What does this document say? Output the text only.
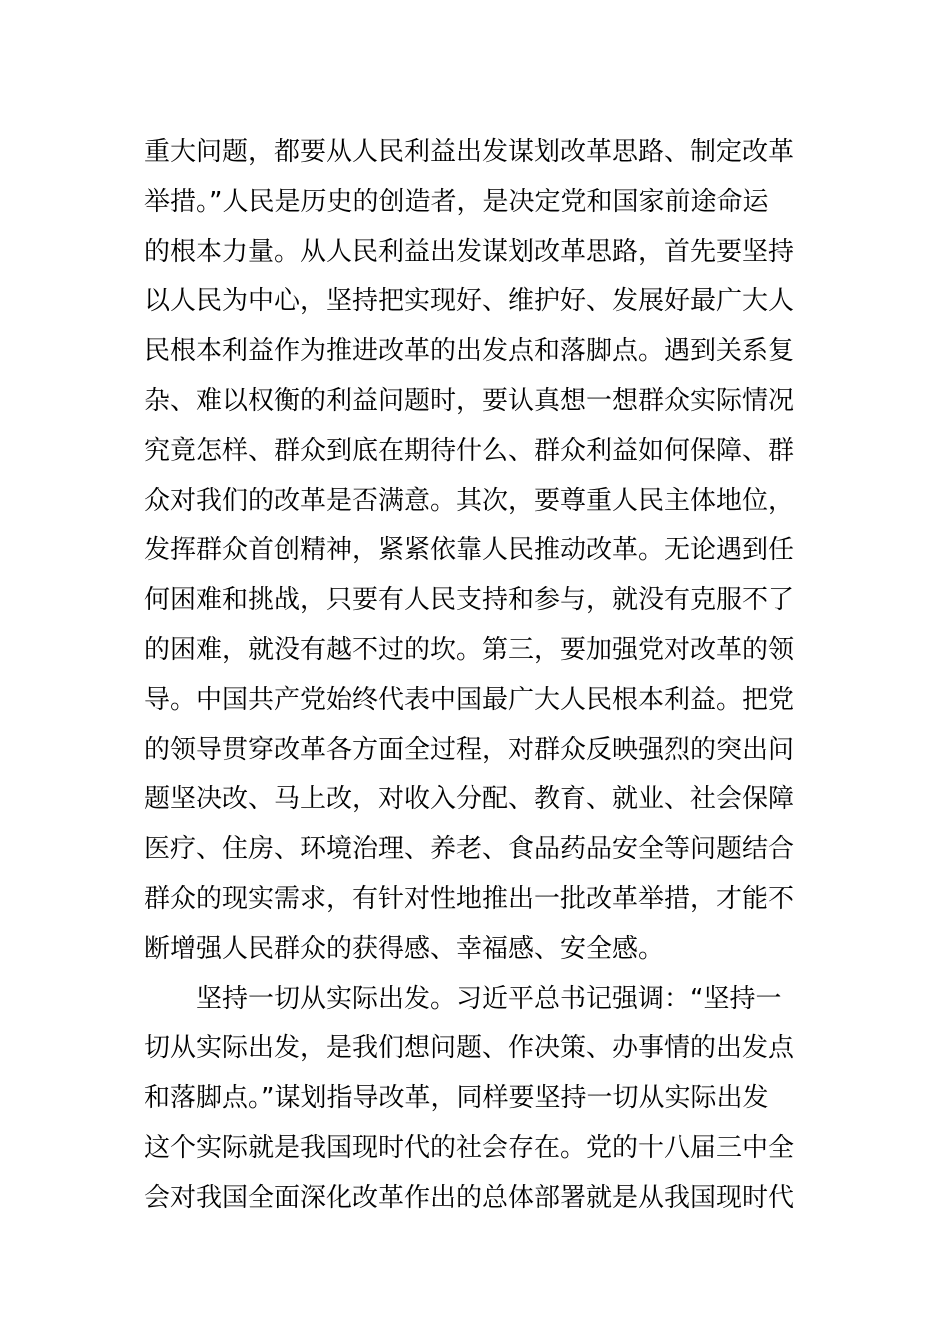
重大问题，都要从人民利益出发谋划改革思路、制定改革
举措。”人民是历史的创造者，是决定党和国家前途命运
的根本力量。从人民利益出发谋划改革思路，首先要坚持
以人民为中心，坚持把实现好、维护好、发展好最广大人
民根本利益作为推进改革的出发点和落脚点。遇到关系复
杂、难以权衡的利益问题时，要认真想一想群众实际情况
究竟怎样、群众到底在期待什么、群众利益如何保障、群
众对我们的改革是否满意。其次，要尊重人民主体地位，
发挥群众首创精神，紧紧依靠人民推动改革。无论遇到任
何困难和挑战，只要有人民支持和参与，就没有克服不了
的困难，就没有越不过的坎。第三，要加强党对改革的领
导。中国共产党始终代表中国最广大人民根本利益。把党
的领导贯穿改革各方面全过程，对群众反映强烈的突出问
题坚决改、马上改，对收入分配、教育、就业、社会保障
医疗、住房、环境治理、养老、食品药品安全等问题结合
群众的现实需求，有针对性地推出一批改革举措，才能不
断增强人民群众的获得感、幸福感、安全感。
坚持一切从实际出发。习近平总书记强调：“坚持一
切从实际出发，是我们想问题、作决策、办事情的出发点
和落脚点。”谋划指导改革，同样要坚持一切从实际出发
这个实际就是我国现时代的社会存在。党的十八届三中全
会对我国全面深化改革作出的总体部署就是从我国现时代
